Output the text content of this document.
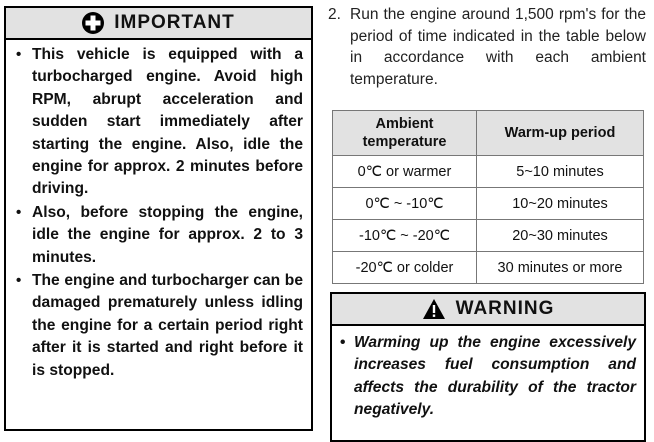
IMPORTANT
• This vehicle is equipped with a turbocharged engine. Avoid high RPM, abrupt acceleration and sudden start immediately after starting the engine. Also, idle the engine for approx. 2 minutes before driving.
• Also, before stopping the engine, idle the engine for approx. 2 to 3 minutes.
• The engine and turbocharger can be damaged prematurely unless idling the engine for a certain period right after it is started and right before it is stopped.
2. Run the engine around 1,500 rpm's for the period of time indicated in the table below in accordance with each ambient temperature.
Ambient temperature	Warm-up period
0℃ or warmer	5~10 minutes
0℃ ~ -10℃	10~20 minutes
-10℃ ~ -20℃	20~30 minutes
-20℃ or colder	30 minutes or more
WARNING
• Warming up the engine excessively increases fuel consumption and affects the durability of the tractor negatively.
